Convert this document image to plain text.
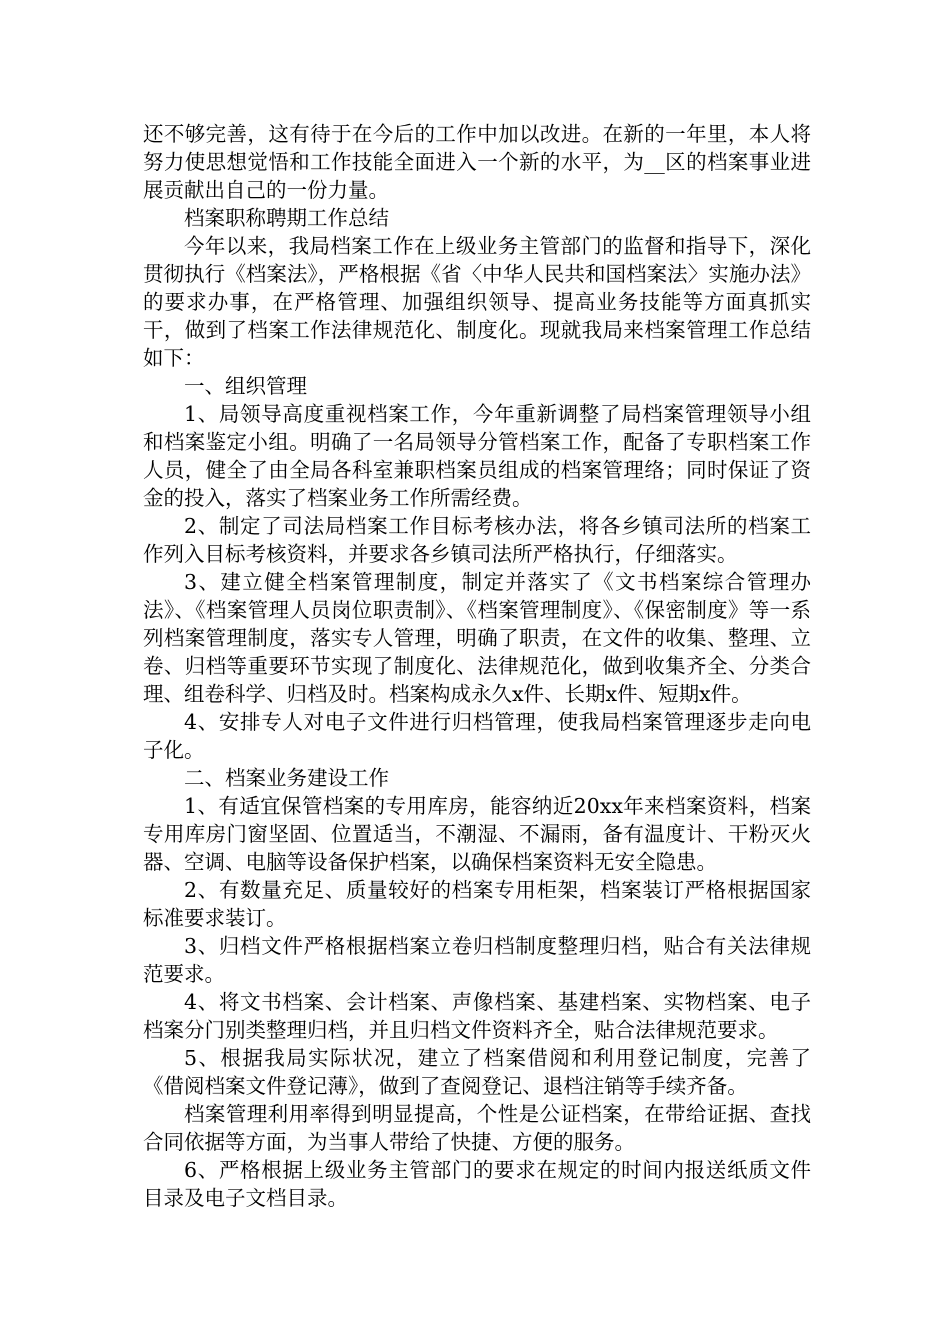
还不够完善，这有待于在今后的工作中加以改进。在新的一年里，本人将努力使思想觉悟和工作技能全面进入一个新的水平，为__区的档案事业进展贡献出自己的一份力量。

档案职称聘期工作总结

今年以来，我局档案工作在上级业务主管部门的监督和指导下，深化贯彻执行《档案法》，严格根据《省〈中华人民共和国档案法〉实施办法》的要求办事，在严格管理、加强组织领导、提高业务技能等方面真抓实干，做到了档案工作法律规范化、制度化。现就我局来档案管理工作总结如下：

一、组织管理

1、局领导高度重视档案工作，今年重新调整了局档案管理领导小组和档案鉴定小组。明确了一名局领导分管档案工作，配备了专职档案工作人员，健全了由全局各科室兼职档案员组成的档案管理络；同时保证了资金的投入，落实了档案业务工作所需经费。

2、制定了司法局档案工作目标考核办法，将各乡镇司法所的档案工作列入目标考核资料，并要求各乡镇司法所严格执行，仔细落实。

3、建立健全档案管理制度，制定并落实了《文书档案综合管理办法》、《档案管理人员岗位职责制》、《档案管理制度》、《保密制度》等一系列档案管理制度，落实专人管理，明确了职责，在文件的收集、整理、立卷、归档等重要环节实现了制度化、法律规范化，做到收集齐全、分类合理、组卷科学、归档及时。档案构成永久x件、长期x件、短期x件。

4、安排专人对电子文件进行归档管理，使我局档案管理逐步走向电子化。

二、档案业务建设工作

1、有适宜保管档案的专用库房，能容纳近20xx年来档案资料，档案专用库房门窗坚固、位置适当，不潮湿、不漏雨，备有温度计、干粉灭火器、空调、电脑等设备保护档案，以确保档案资料无安全隐患。

2、有数量充足、质量较好的档案专用柜架，档案装订严格根据国家标准要求装订。

3、归档文件严格根据档案立卷归档制度整理归档，贴合有关法律规范要求。

4、将文书档案、会计档案、声像档案、基建档案、实物档案、电子档案分门别类整理归档，并且归档文件资料齐全，贴合法律规范要求。

5、根据我局实际状况，建立了档案借阅和利用登记制度，完善了《借阅档案文件登记薄》，做到了查阅登记、退档注销等手续齐备。

档案管理利用率得到明显提高，个性是公证档案，在带给证据、查找合同依据等方面，为当事人带给了快捷、方便的服务。

6、严格根据上级业务主管部门的要求在规定的时间内报送纸质文件目录及电子文档目录。
